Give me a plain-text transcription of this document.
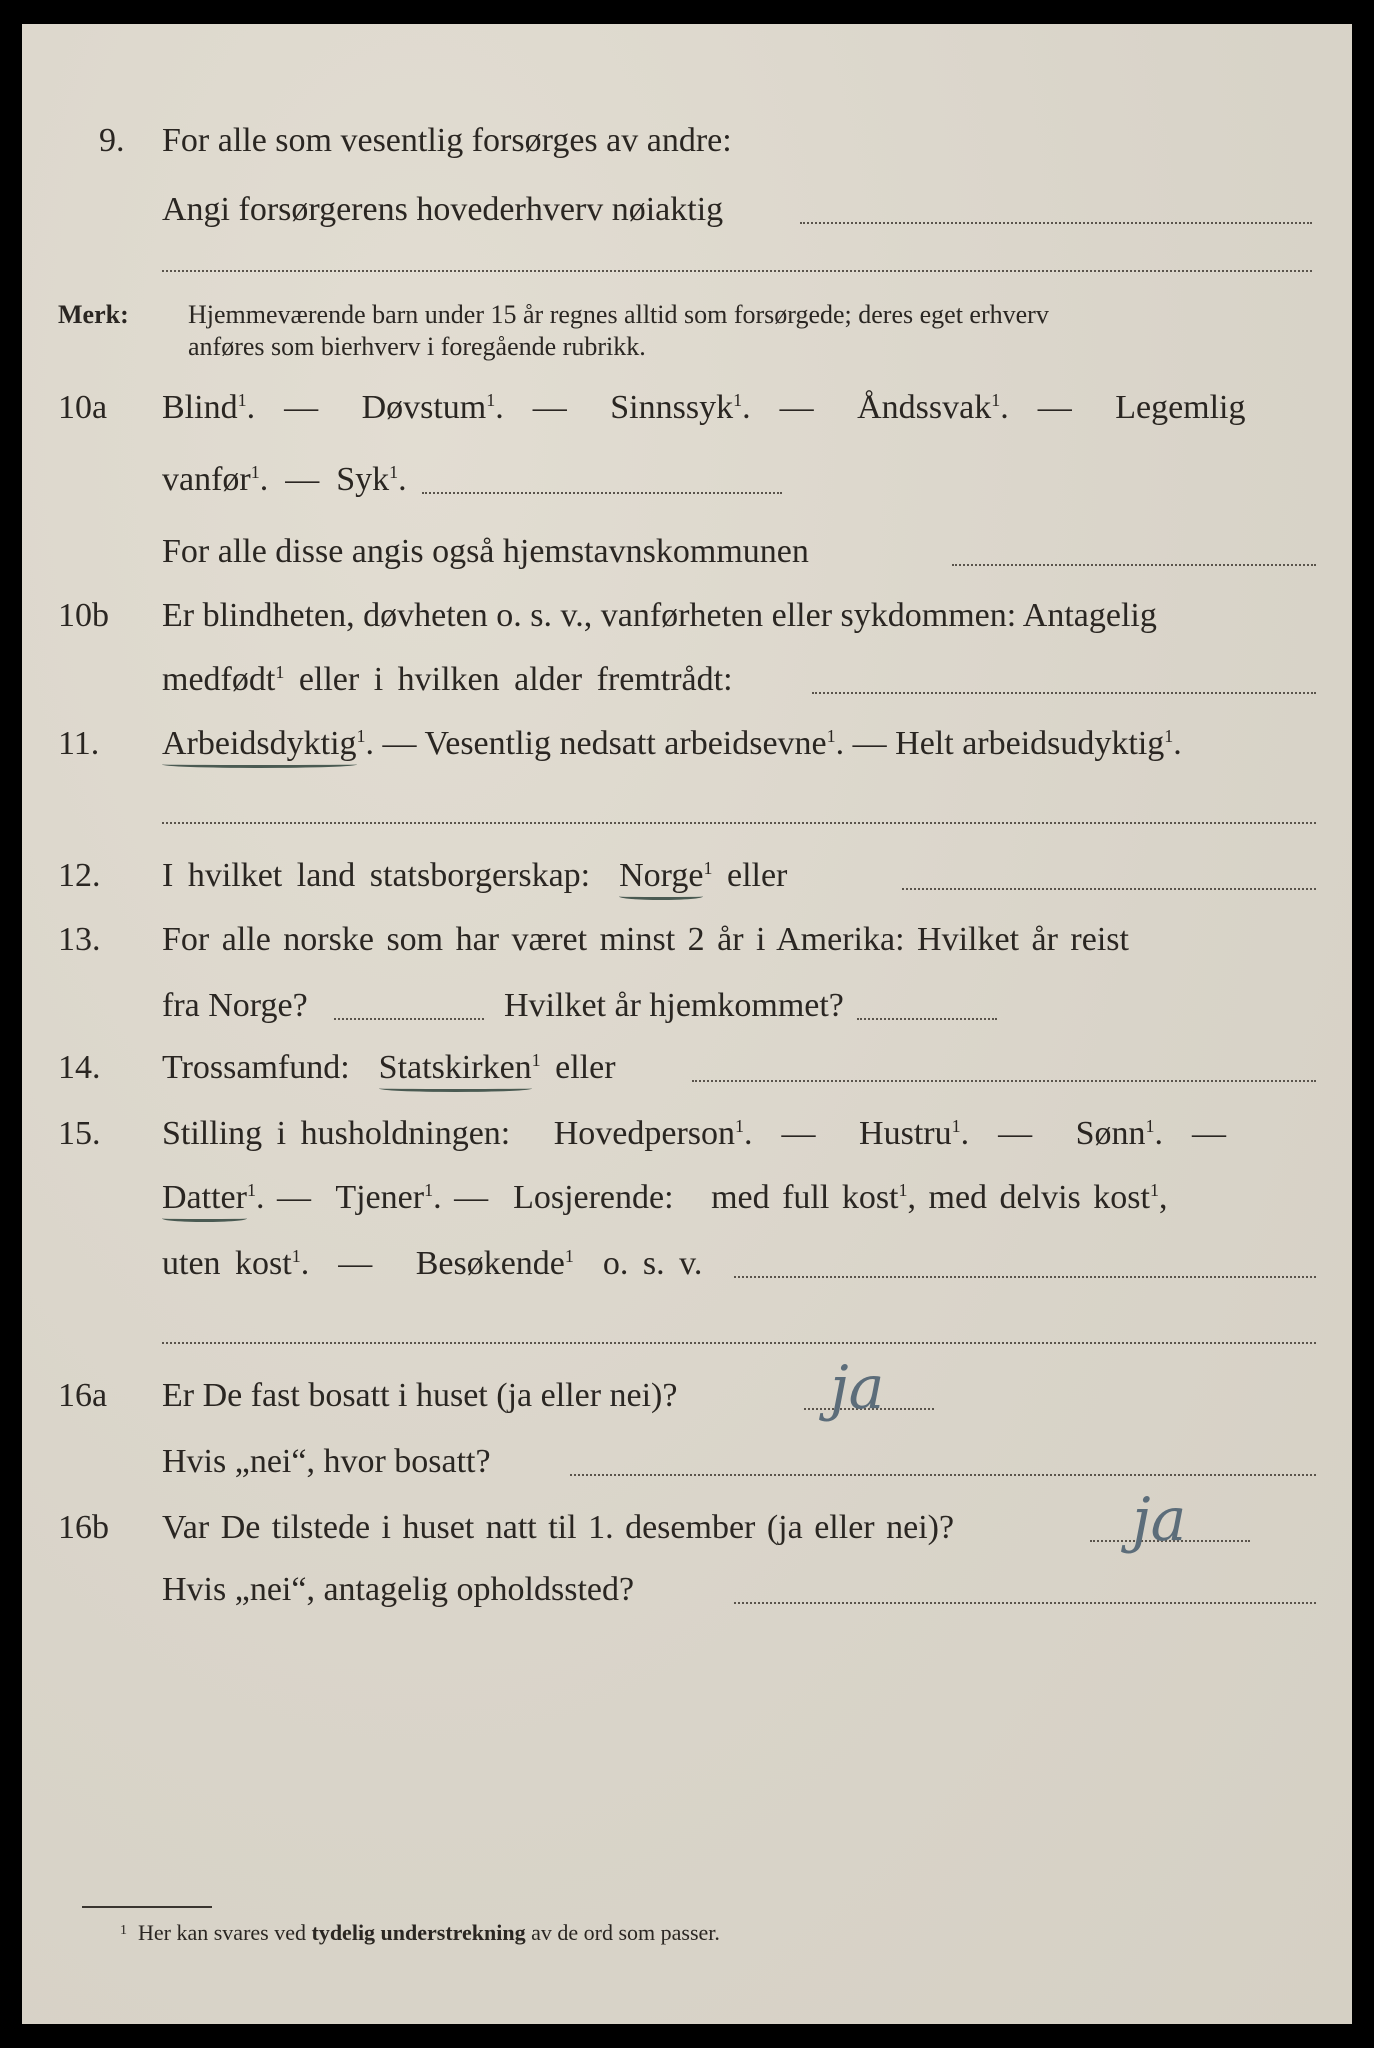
9.	For alle som vesentlig forsørges av andre:
Angi forsørgerens hovederhverv nøiaktig
Merk: Hjemmeværende barn under 15 år regnes alltid som forsørgede; deres eget erhverv
anføres som bierhverv i foregående rubrikk.
10a	Blind$^1$.  — Døvstum$^1$.  — Sinnssyk$^1$.  — Åndssvak$^1$.  — Legemlig
vanfør$^1$.  — Syk$^1$.
For alle disse angis også hjemstavnskommunen
10b	Er blindheten, døvheten o. s. v., vanførheten eller sykdommen: Antagelig
medfødt$^1$ eller i hvilken alder fremtrådt:
11.	Arbeidsdyktig$^1$. — Vesentlig nedsatt arbeidsevne$^1$. — Helt arbeidsudyktig$^1$.
12.	I hvilket land statsborgerskap: Norge$^1$ eller
13.	For alle norske som har været minst 2 år i Amerika: Hvilket år reist
fra Norge?	Hvilket år hjemkommet?
14.	Trossamfund: Statskirken$^1$ eller
15.	Stilling i husholdningen: Hovedperson$^1$.  — Hustru$^1$.  — Sønn$^1$.  —
Datter$^1$. — Tjener$^1$. — Losjerende: med full kost$^1$, med delvis kost$^1$,
uten kost$^1$.  — Besøkende$^1$ o. s. v.
16a	Er De fast bosatt i huset (ja eller nei)?	ja
Hvis „nei“, hvor bosatt?
16b	Var De tilstede i huset natt til 1. desember (ja eller nei)?	ja
Hvis „nei“, antagelig opholdssted?
$^1$ Her kan svares ved tydelig understrekning av de ord som passer.
